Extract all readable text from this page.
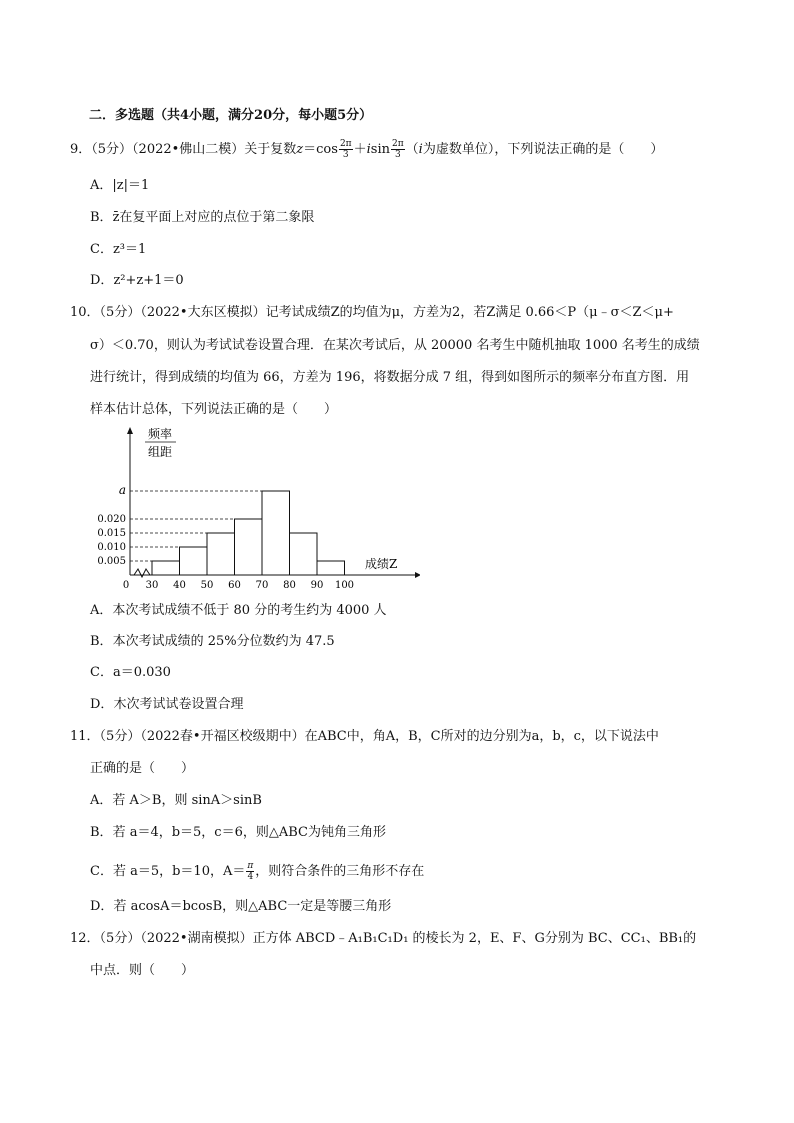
二．多选题（共4小题，满分20分，每小题5分）
9．（5分）（2022•佛山二模）关于复数$z=\cos \frac{2\pi}{3} +isin \frac{2\pi}{3} (i$为虚数单位），下列说法正确的是（　　）
A．|z|＝1
B．z̄在复平面上对应的点位于第二象限
C．z³＝1
D．z²+z+1＝0
10．（5分）（2022•大东区模拟）记考试成绩Z的均值为μ，方差为2，若Z满足 0.66＜P（μ﹣σ＜Z＜μ+
σ）＜0.70，则认为考试试卷设置合理．在某次考试后，从 20000 名考生中随机抽取 1000 名考生的成绩
进行统计，得到成绩的均值为 66，方差为 196，将数据分成 7 组，得到如图所示的频率分布直方图．用
样本估计总体，下列说法正确的是（　　）
频率
组距
0.005
0.010
0.015
0.020
a
0 30 40 50 60 70 80 90 100
成绩Z
A．本次考试成绩不低于 80 分的考生约为 4000 人
B．本次考试成绩的 25%分位数约为 47.5
C．a＝0.030
D．木次考试试卷设置合理
11．（5分）（2022春•开福区校级期中）在ABC中，角A，B，C所对的边分别为a，b，c，以下说法中
正确的是（　　）
A．若 A＞B，则 sinA＞sinB
B．若 a＝4，b＝5，c＝6，则△ABC为钝角三角形
C．若 a＝5，b＝10，$A= \frac{\pi}{4}$ ，则符合条件的三角形不存在
D．若 acosA＝bcosB，则△ABC一定是等腰三角形
12．（5分）（2022•湖南模拟）正方体 ABCD﹣A₁B₁C₁D₁ 的棱长为 2，E、F、G分别为 BC、CC₁、BB₁的
中点．则（　　）
